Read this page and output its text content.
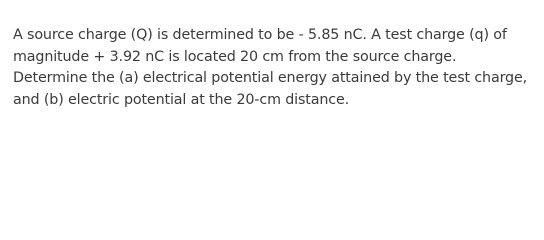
A source charge (Q) is determined to be - 5.85 nC. A test charge (q) of
magnitude + 3.92 nC is located 20 cm from the source charge.
Determine the (a) electrical potential energy attained by the test charge,
and (b) electric potential at the 20-cm distance.
